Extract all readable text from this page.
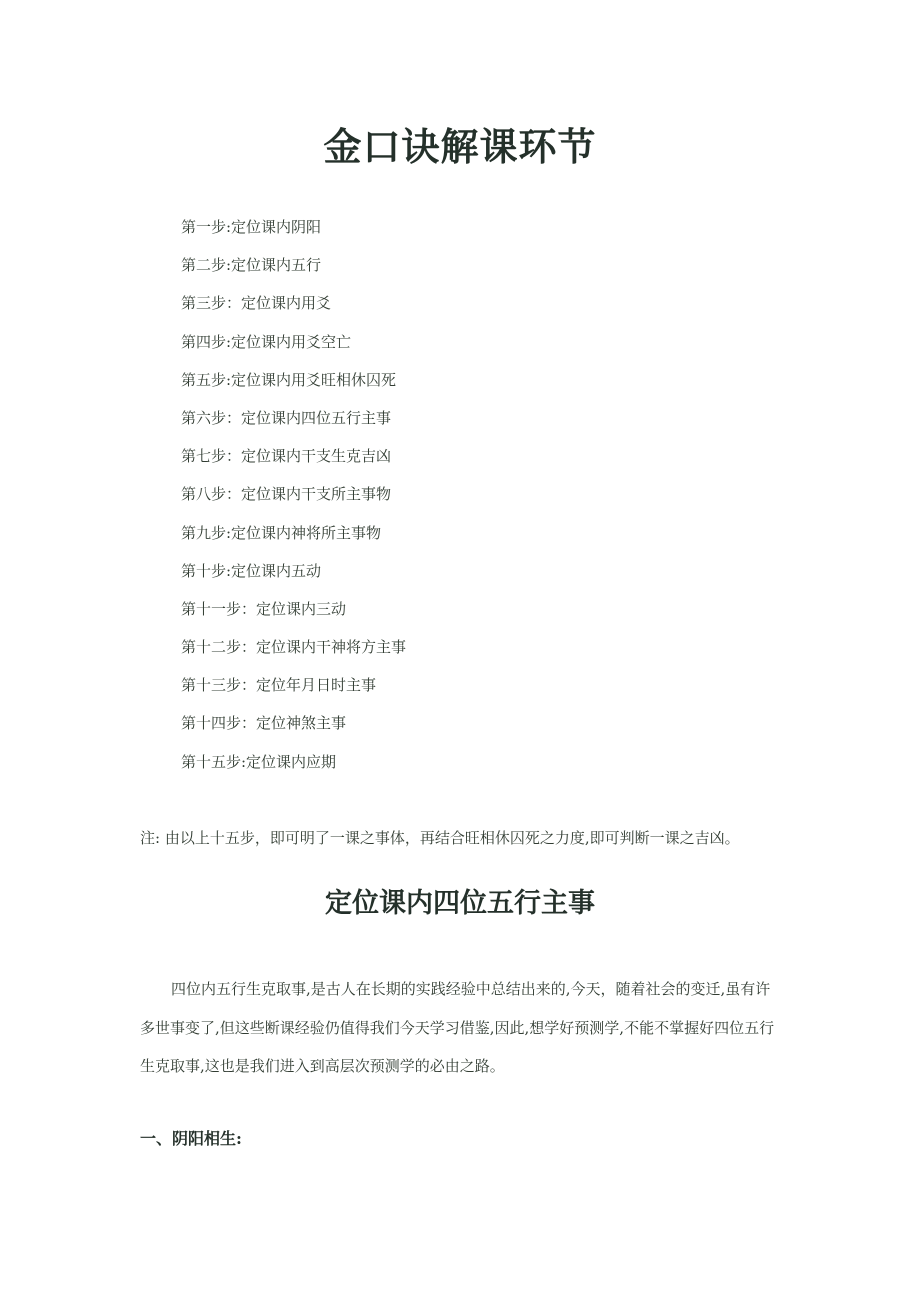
金口诀解课环节
第一步:定位课内阴阳
第二步:定位课内五行
第三步：定位课内用爻
第四步:定位课内用爻空亡
第五步:定位课内用爻旺相休囚死
第六步：定位课内四位五行主事
第七步：定位课内干支生克吉凶
第八步：定位课内干支所主事物
第九步:定位课内神将所主事物
第十步:定位课内五动
第十一步：定位课内三动
第十二步：定位课内干神将方主事
第十三步：定位年月日时主事
第十四步：定位神煞主事
第十五步:定位课内应期
注: 由以上十五步，即可明了一课之事体，再结合旺相休囚死之力度,即可判断一课之吉凶。
定位课内四位五行主事

四位内五行生克取事,是古人在长期的实践经验中总结出来的,今天，随着社会的变迁,虽有许多世事变了,但这些断课经验仍值得我们今天学习借鉴,因此,想学好预测学,不能不掌握好四位五行生克取事,这也是我们进入到高层次预测学的必由之路。

一、阴阳相生:
